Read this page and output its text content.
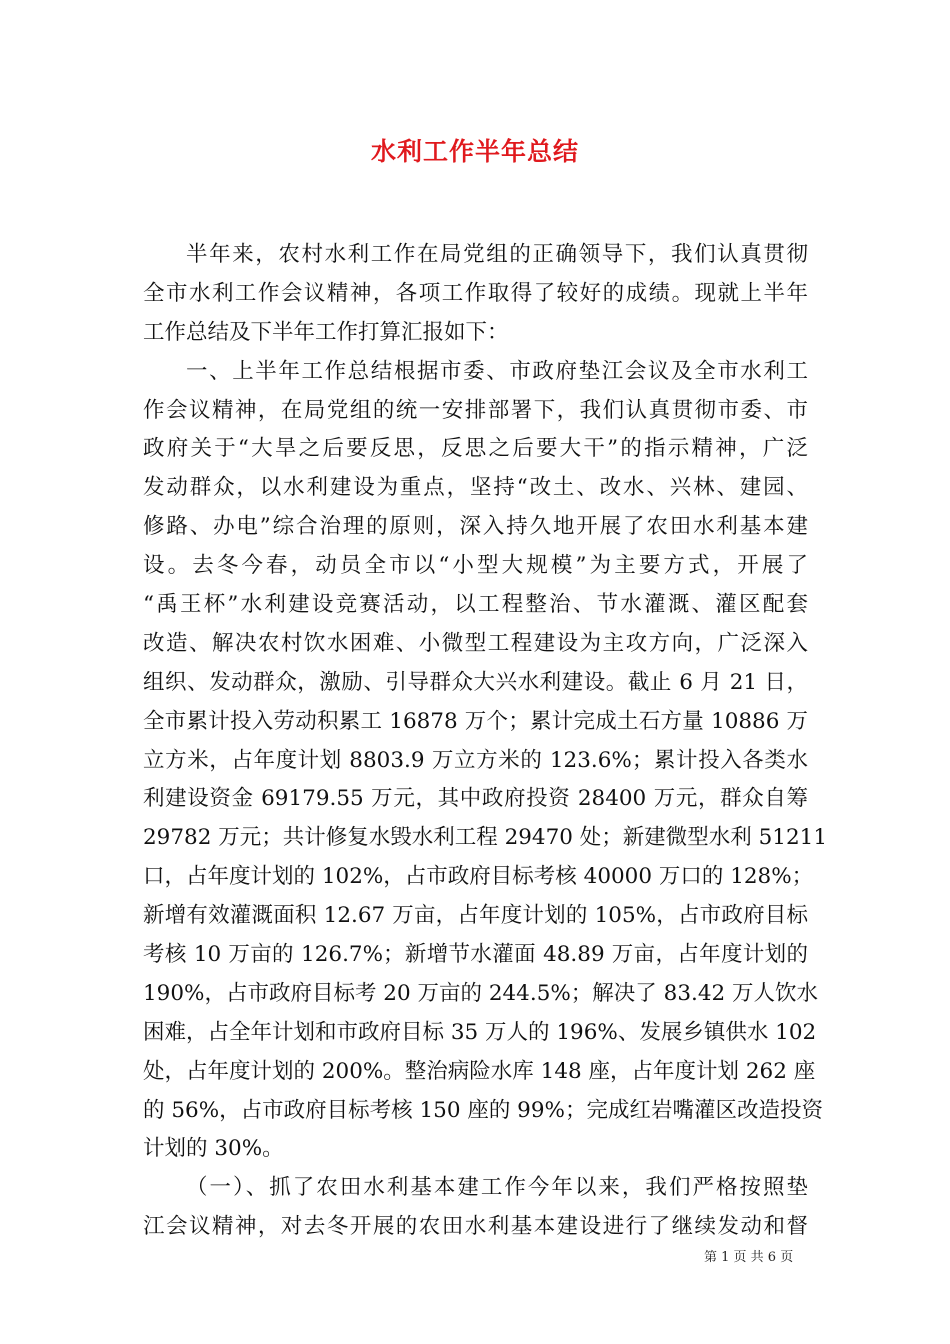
水利工作半年总结
半年来，农村水利工作在局党组的正确领导下，我们认真贯彻
全市水利工作会议精神，各项工作取得了较好的成绩。现就上半年
工作总结及下半年工作打算汇报如下：
一、上半年工作总结根据市委、市政府垫江会议及全市水利工
作会议精神，在局党组的统一安排部署下，我们认真贯彻市委、市
政府关于“大旱之后要反思，反思之后要大干”的指示精神，广泛
发动群众，以水利建设为重点，坚持“改土、改水、兴林、建园、
修路、办电”综合治理的原则，深入持久地开展了农田水利基本建
设。去冬今春，动员全市以“小型大规模”为主要方式，开展了
“禹王杯”水利建设竞赛活动，以工程整治、节水灌溉、灌区配套
改造、解决农村饮水困难、小微型工程建设为主攻方向，广泛深入
组织、发动群众，激励、引导群众大兴水利建设。截止 6 月 21 日，
全市累计投入劳动积累工 16878 万个；累计完成土石方量 10886 万
立方米，占年度计划 8803.9 万立方米的 123.6%；累计投入各类水
利建设资金 69179.55 万元，其中政府投资 28400 万元，群众自筹
29782 万元；共计修复水毁水利工程 29470 处；新建微型水利 51211
口，占年度计划的 102%，占市政府目标考核 40000 万口的 128%；
新增有效灌溉面积 12.67 万亩，占年度计划的 105%，占市政府目标
考核 10 万亩的 126.7%；新增节水灌面 48.89 万亩，占年度计划的
190%，占市政府目标考 20 万亩的 244.5%；解决了 83.42 万人饮水
困难，占全年计划和市政府目标 35 万人的 196%、发展乡镇供水 102
处，占年度计划的 200%。整治病险水库 148 座，占年度计划 262 座
的 56%，占市政府目标考核 150 座的 99%；完成红岩嘴灌区改造投资
计划的 30%。
（一）、抓了农田水利基本建工作今年以来，我们严格按照垫
江会议精神，对去冬开展的农田水利基本建设进行了继续发动和督
第 1 页 共 6 页
